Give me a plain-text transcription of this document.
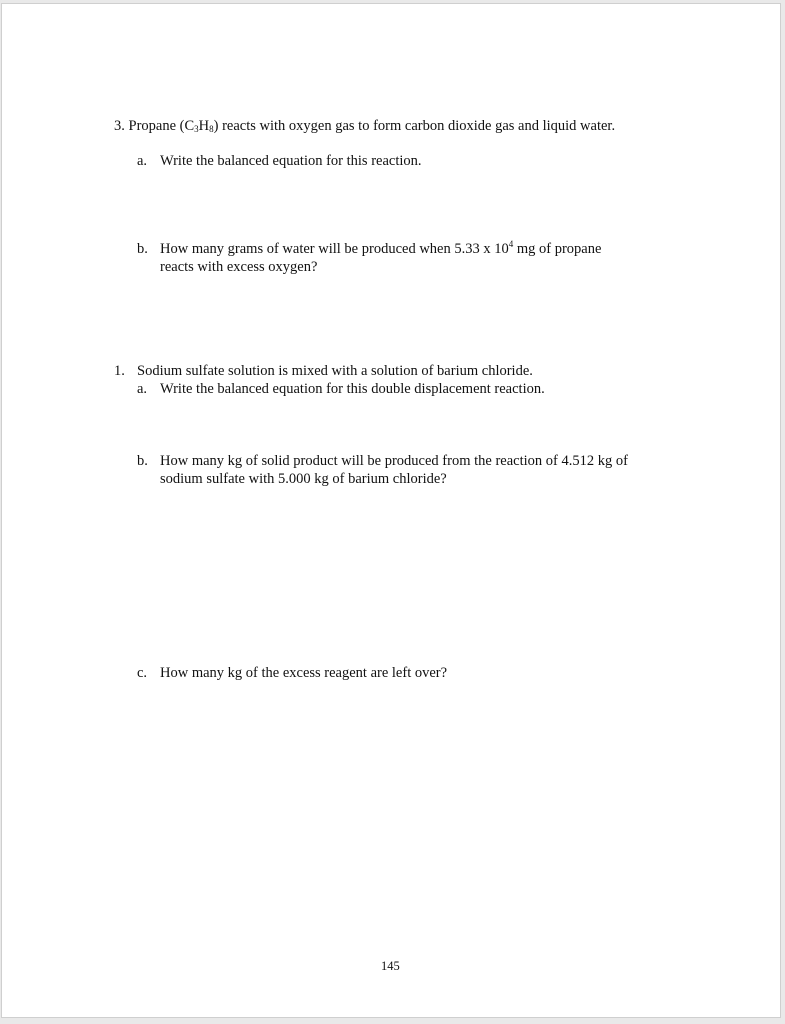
3. Propane $(C_3H_8)$ reacts with oxygen gas to form carbon dioxide gas and liquid water.
a. Write the balanced equation for this reaction.
b. How many grams of water will be produced when 5.33 x $10^4$ mg of propane
reacts with excess oxygen?
1. Sodium sulfate solution is mixed with a solution of barium chloride.
a. Write the balanced equation for this double displacement reaction.
b. How many kg of solid product will be produced from the reaction of 4.512 kg of
sodium sulfate with 5.000 kg of barium chloride?
c. How many kg of the excess reagent are left over?
145
